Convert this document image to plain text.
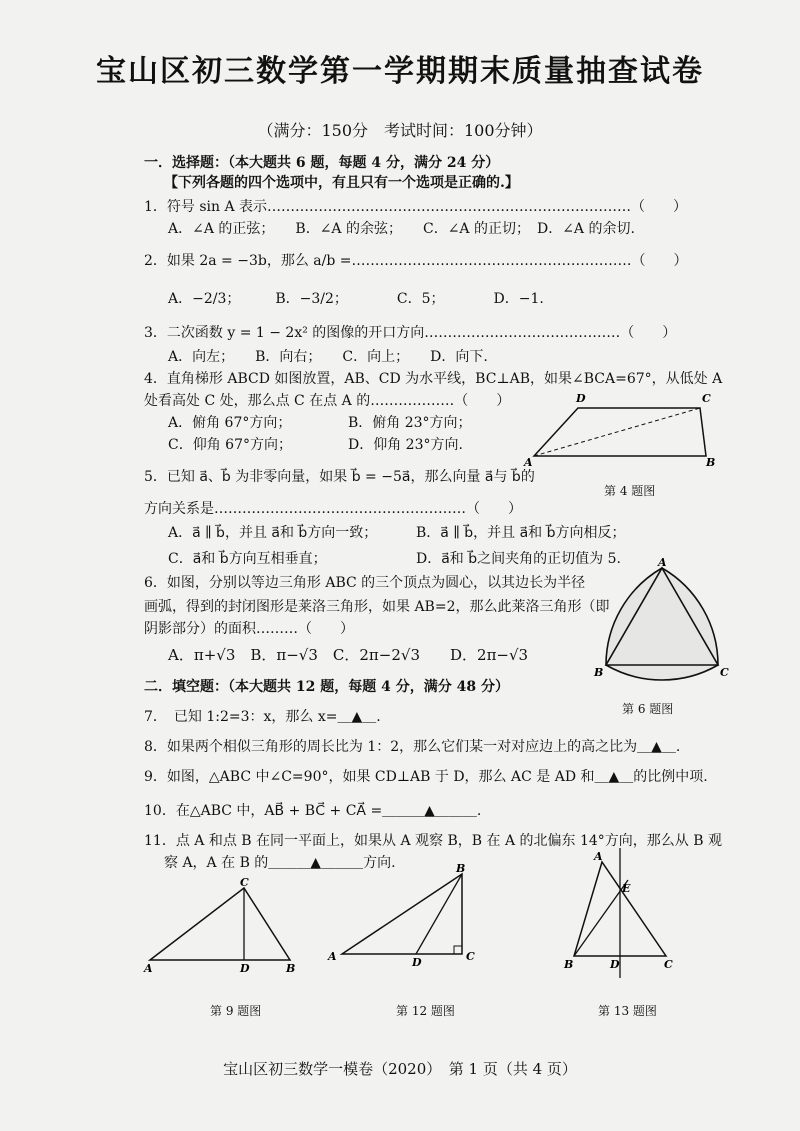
宝山区初三数学第一学期期末质量抽查试卷
（满分：150分　考试时间：100分钟）
一．选择题：（本大题共 6 题，每题 4 分，满分 24 分）
【下列各题的四个选项中，有且只有一个选项是正确的.】
1．符号 sin A 表示……………………………………………………………………（　　）
A．∠A 的正弦；　　B．∠A 的余弦；　　C．∠A 的正切；　D．∠A 的余切.
2．如果 2a = −3b，那么 a/b =……………………………………………………（　　）
A．−2/3；　　　B．−3/2；　　　　C．5；　　　　D．−1.
3．二次函数 y = 1 − 2x² 的图像的开口方向……………………………………（　　）
A．向左；　　B．向右；　　C．向上；　　D．向下.
4．直角梯形 ABCD 如图放置，AB、CD 为水平线，BC⊥AB，如果∠BCA=67°，从低处 A
处看高处 C 处，那么点 C 在点 A 的………………（　　）
A．俯角 67°方向；	B．俯角 23°方向；
C．仰角 67°方向；	D．仰角 23°方向.
D	C
A	B
第 4 题图
5．已知 a⃗、b⃗ 为非零向量，如果 b⃗ = −5a⃗，那么向量 a⃗与 b⃗的
方向关系是………………………………………………（　　）
A．a⃗ ∥ b⃗，并且 a⃗和 b⃗方向一致；	B．a⃗ ∥ b⃗，并且 a⃗和 b⃗方向相反；
C．a⃗和 b⃗方向互相垂直；	D．a⃗和 b⃗之间夹角的正切值为 5.
6．如图，分别以等边三角形 ABC 的三个顶点为圆心，以其边长为半径
画弧，得到的封闭图形是莱洛三角形，如果 AB=2，那么此莱洛三角形（即
阴影部分）的面积………（　　）
A．π+√3　B．π−√3　C．2π−2√3　　D．2π−√3
A
B	C
第 6 题图
二．填空题：（本大题共 12 题，每题 4 分，满分 48 分）
7．　已知 1:2=3：x，那么 x=＿▲＿.
8．如果两个相似三角形的周长比为 1：2，那么它们某一对对应边上的高之比为＿▲＿.
9．如图，△ABC 中∠C=90°，如果 CD⊥AB 于 D，那么 AC 是 AD 和＿▲＿的比例中项.
10．在△ABC 中，AB⃗ + BC⃗ + CA⃗ =＿＿＿▲＿＿＿.
11．点 A 和点 B 在同一平面上，如果从 A 观察 B，B 在 A 的北偏东 14°方向，那么从 B 观
察 A，A 在 B 的＿＿＿▲＿＿＿方向.
C
A	D	B
第 9 题图
B
A	D	C
第 12 题图
A
E
B	D	C
第 13 题图
宝山区初三数学一模卷（2020）　第 1 页（共 4 页）
